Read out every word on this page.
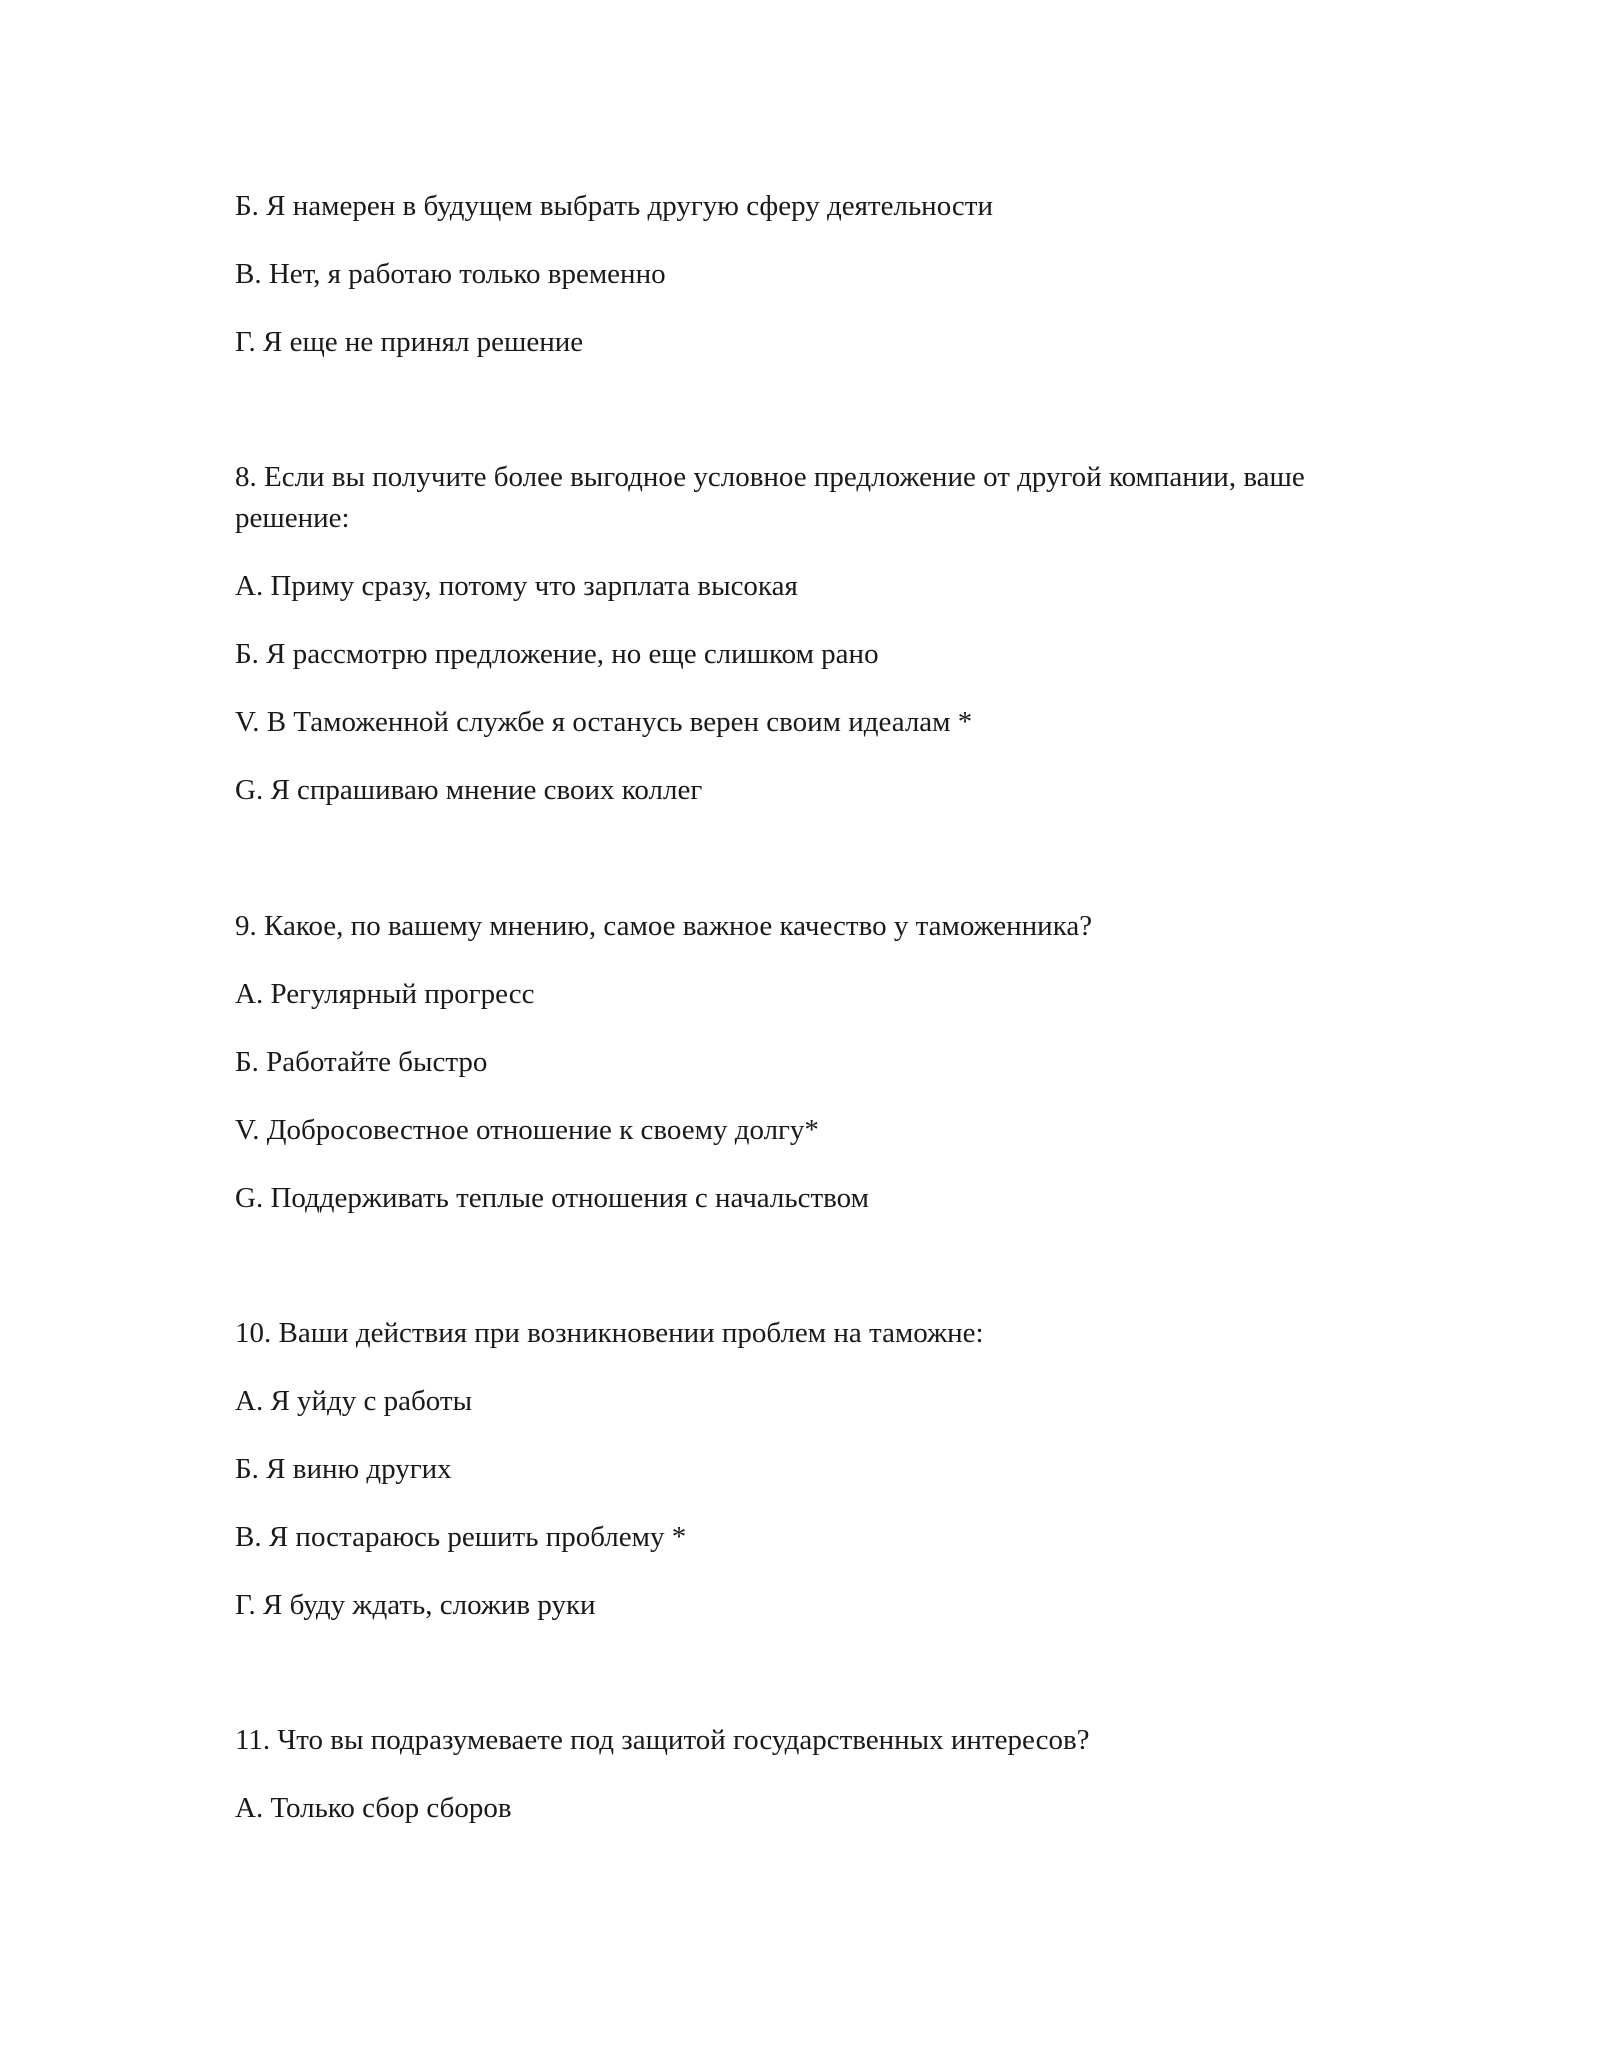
Б. Я намерен в будущем выбрать другую сферу деятельности
В. Нет, я работаю только временно
Г. Я еще не принял решение
8. Если вы получите более выгодное условное предложение от другой компании, ваше решение:
А. Приму сразу, потому что зарплата высокая
Б. Я рассмотрю предложение, но еще слишком рано
V. В Таможенной службе я останусь верен своим идеалам *
G. Я спрашиваю мнение своих коллег
9. Какое, по вашему мнению, самое важное качество у таможенника?
А. Регулярный прогресс
Б. Работайте быстро
V. Добросовестное отношение к своему долгу*
G. Поддерживать теплые отношения с начальством
10. Ваши действия при возникновении проблем на таможне:
А. Я уйду с работы
Б. Я виню других
В. Я постараюсь решить проблему *
Г. Я буду ждать, сложив руки
11. Что вы подразумеваете под защитой государственных интересов?
А. Только сбор сборов
